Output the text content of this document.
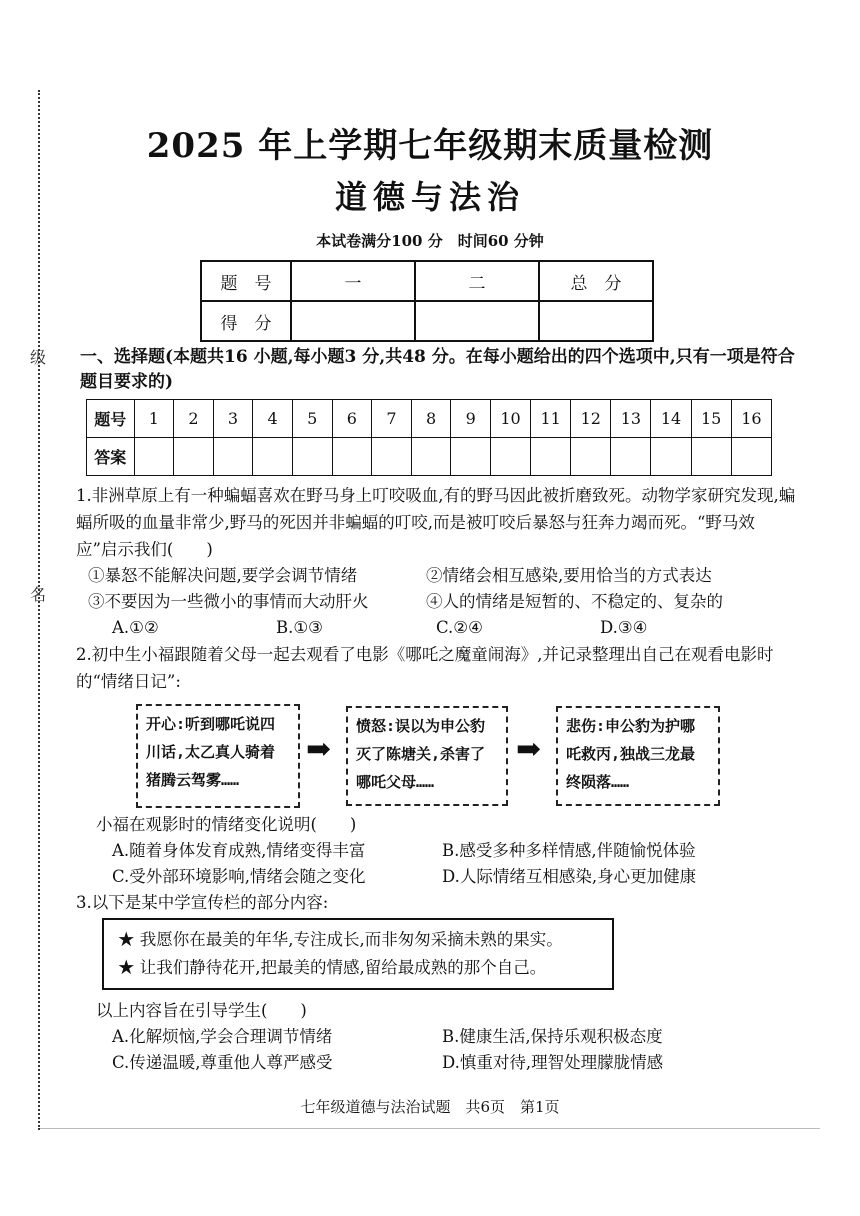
级
名
2025 年上学期七年级期末质量检测
道德与法治
本试卷满分100 分　时间60 分钟
题　号	一	二	总　分
得　分			
一、选择题(本题共16 小题,每小题3 分,共48 分。在每小题给出的四个选项中,只有一项是符合题目要求的)
题号	1	2	3	4	5	6	7	8	9	10	11	12	13	14	15	16
答案																
1.非洲草原上有一种蝙蝠喜欢在野马身上叮咬吸血,有的野马因此被折磨致死。动物学家研究发现,蝙蝠所吸的血量非常少,野马的死因并非蝙蝠的叮咬,而是被叮咬后暴怒与狂奔力竭而死。“野马效应”启示我们(　　)
①暴怒不能解决问题,要学会调节情绪	②情绪会相互感染,要用恰当的方式表达
③不要因为一些微小的事情而大动肝火	④人的情绪是短暂的、不稳定的、复杂的
A.①②	B.①③	C.②④	D.③④
2.初中生小福跟随着父母一起去观看了电影《哪吒之魔童闹海》,并记录整理出自己在观看电影时的“情绪日记”:
开心:听到哪吒说四川话,太乙真人骑着猪腾云驾雾……
➡
愤怒:误以为申公豹灭了陈塘关,杀害了哪吒父母……
➡
悲伤:申公豹为护哪吒救丙,独战三龙最终陨落……
小福在观影时的情绪变化说明(　　)
A.随着身体发育成熟,情绪变得丰富	B.感受多种多样情感,伴随愉悦体验
C.受外部环境影响,情绪会随之变化	D.人际情绪互相感染,身心更加健康
3.以下是某中学宣传栏的部分内容:
★ 我愿你在最美的年华,专注成长,而非匆匆采摘未熟的果实。
★ 让我们静待花开,把最美的情感,留给最成熟的那个自己。
以上内容旨在引导学生(　　)
A.化解烦恼,学会合理调节情绪	B.健康生活,保持乐观积极态度
C.传递温暖,尊重他人尊严感受	D.慎重对待,理智处理朦胧情感
七年级道德与法治试题　共6页　第1页
